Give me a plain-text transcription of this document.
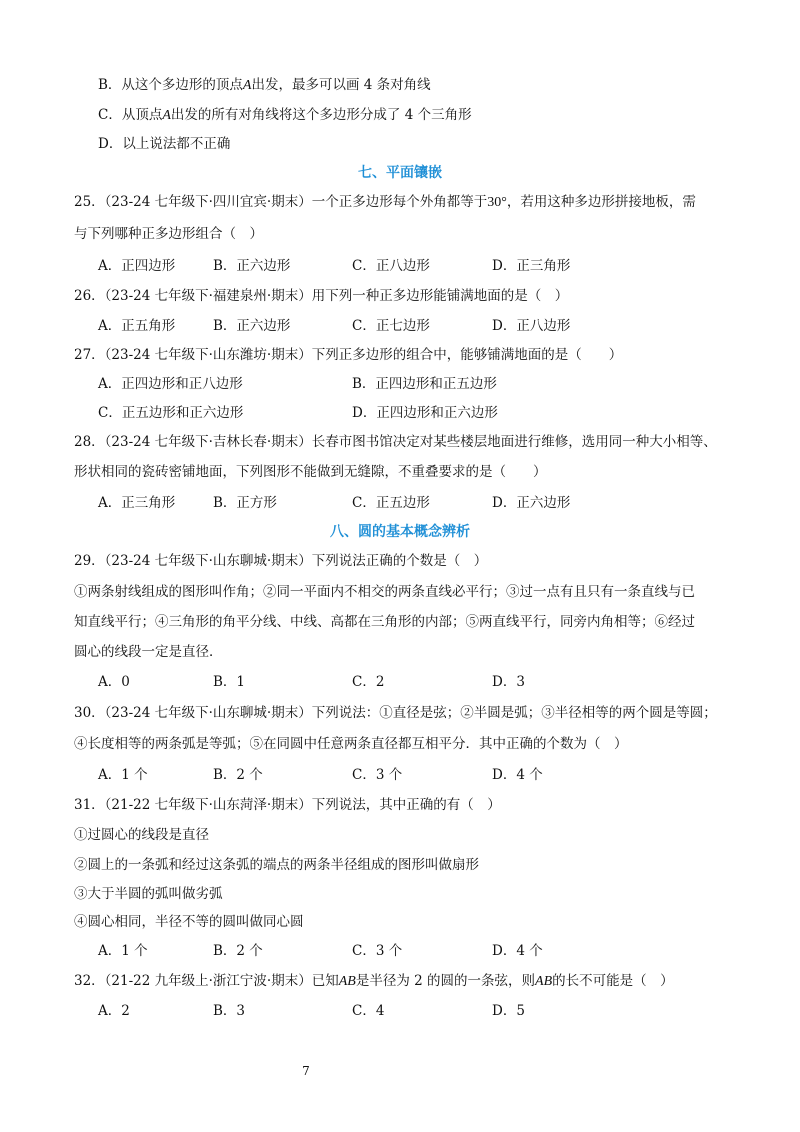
B．从这个多边形的顶点A出发，最多可以画 4 条对角线
C．从顶点A出发的所有对角线将这个多边形分成了 4 个三角形
D．以上说法都不正确
七、平面镶嵌
25．（23-24 七年级下·四川宜宾·期末）一个正多边形每个外角都等于30°，若用这种多边形拼接地板，需
与下列哪种正多边形组合（　）
A．正四边形	B．正六边形	C．正八边形	D．正三角形
26．（23-24 七年级下·福建泉州·期末）用下列一种正多边形能铺满地面的是（　）
A．正五角形	B．正六边形	C．正七边形	D．正八边形
27．（23-24 七年级下·山东潍坊·期末）下列正多边形的组合中，能够铺满地面的是（　　）
A．正四边形和正八边形	B．正四边形和正五边形
C．正五边形和正六边形	D．正四边形和正六边形
28．（23-24 七年级下·吉林长春·期末）长春市图书馆决定对某些楼层地面进行维修，选用同一种大小相等、
形状相同的瓷砖密铺地面，下列图形不能做到无缝隙，不重叠要求的是（　　）
A．正三角形	B．正方形	C．正五边形	D．正六边形
八、圆的基本概念辨析
29．（23-24 七年级下·山东聊城·期末）下列说法正确的个数是（　）
①两条射线组成的图形叫作角；②同一平面内不相交的两条直线必平行；③过一点有且只有一条直线与已
知直线平行；④三角形的角平分线、中线、高都在三角形的内部；⑤两直线平行，同旁内角相等；⑥经过
圆心的线段一定是直径．
A．0	B．1	C．2	D．3
30．（23-24 七年级下·山东聊城·期末）下列说法：①直径是弦；②半圆是弧；③半径相等的两个圆是等圆；
④长度相等的两条弧是等弧；⑤在同圆中任意两条直径都互相平分．其中正确的个数为（　）
A．1 个	B．2 个	C．3 个	D．4 个
31．（21-22 七年级下·山东菏泽·期末）下列说法，其中正确的有（　）
①过圆心的线段是直径
②圆上的一条弧和经过这条弧的端点的两条半径组成的图形叫做扇形
③大于半圆的弧叫做劣弧
④圆心相同，半径不等的圆叫做同心圆
A．1 个	B．2 个	C．3 个	D．4 个
32．（21-22 九年级上·浙江宁波·期末）已知AB是半径为 2 的圆的一条弦，则AB的长不可能是（　）
A．2	B．3	C．4	D．5
7
